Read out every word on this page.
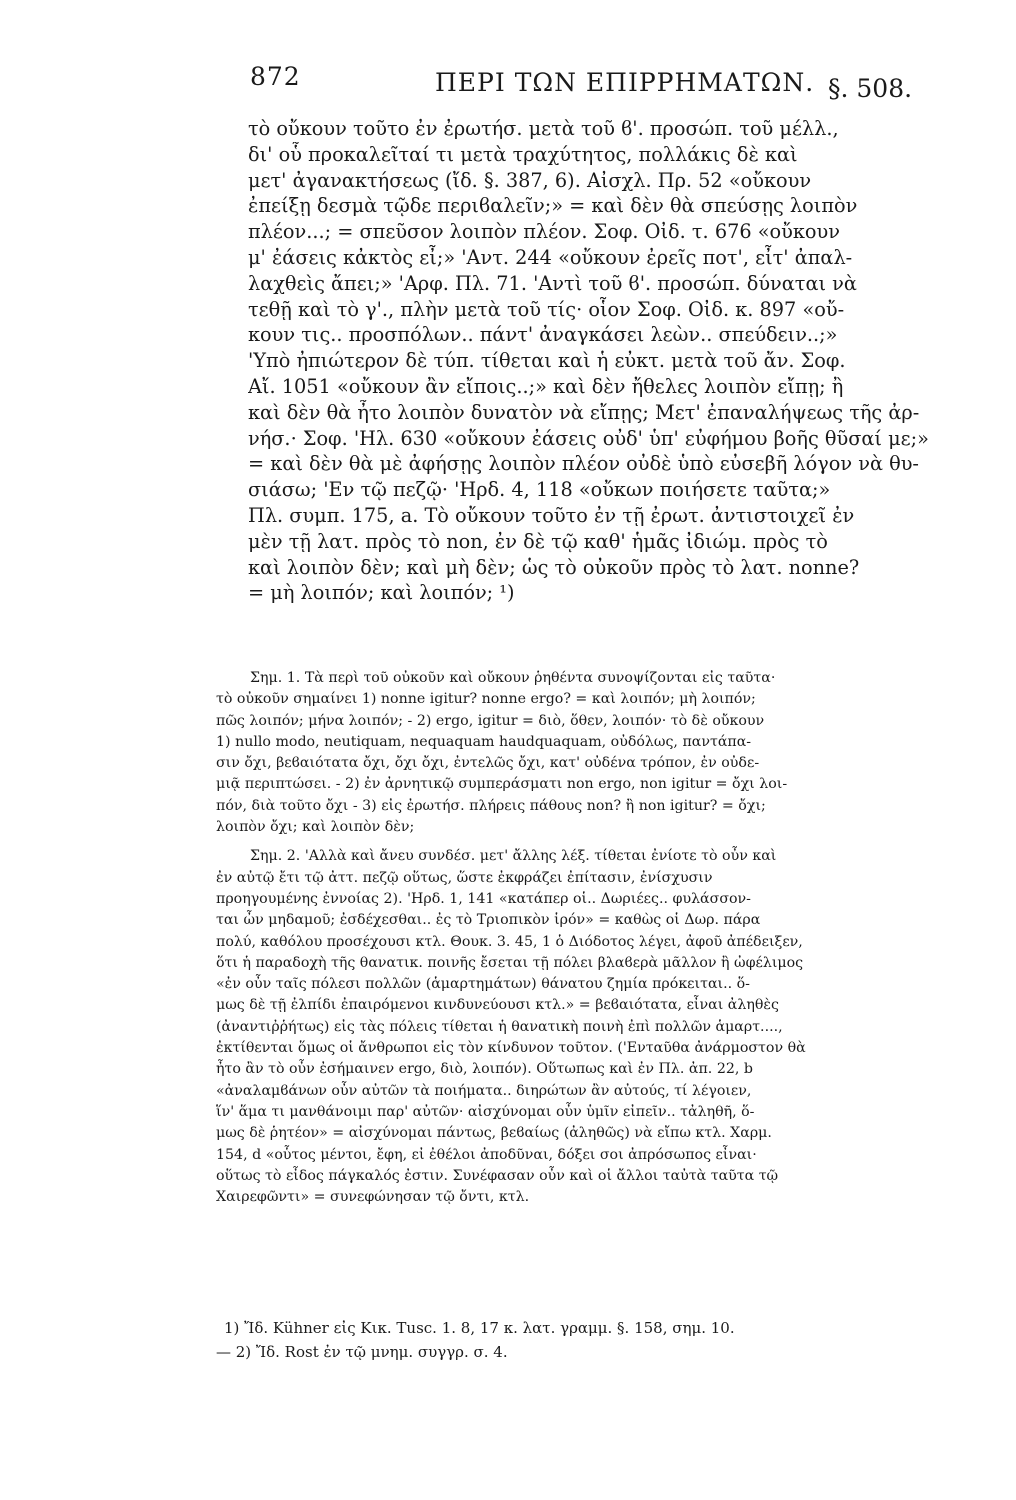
872	ΠΕΡΙ ΤΩΝ ΕΠΙΡΡΗΜΑΤΩΝ. §. 508.
τὸ οὔκουν τοῦτο ἐν ἐρωτήσ. μετὰ τοῦ ϐ'. προσώπ. τοῦ μέλλ.,
δι' οὗ προκαλεῖταί τι μετὰ τραχύτητος, πολλάκις δὲ καὶ
μετ' ἀγανακτήσεως (ἴδ. §. 387, 6). Αἰσχλ. Πρ. 52 «οὔκουν
ἐπείξῃ δεσμὰ τῷδε περιϐαλεῖν;» = καὶ δὲν θὰ σπεύσῃς λοιπὸν
πλέον...; = σπεῦσον λοιπὸν πλέον. Σοφ. Οἰδ. τ. 676 «οὔκουν
μ' ἐάσεις κἀκτὸς εἶ;» 'Αντ. 244 «οὔκουν ἐρεῖς ποτ', εἶτ' ἀπαλ-
λαχθεὶς ἄπει;» 'Αρφ. Πλ. 71. 'Αντὶ τοῦ ϐ'. προσώπ. δύναται νὰ
τεθῇ καὶ τὸ γ'., πλὴν μετὰ τοῦ τίς· οἷον Σοφ. Οἰδ. κ. 897 «οὔ-
κουν τις.. προσπόλων.. πάντ' ἀναγκάσει λεὼν.. σπεύδειν..;»
'Υπὸ ἠπιώτερον δὲ τύπ. τίθεται καὶ ἡ εὐκτ. μετὰ τοῦ ἄν. Σοφ.
Αἴ. 1051 «οὔκουν ἂν εἴποις..;» καὶ δὲν ἤθελες λοιπὸν εἴπῃ; ἢ
καὶ δὲν θὰ ἦτο λοιπὸν δυνατὸν νὰ εἴπῃς; Μετ' ἐπαναλήψεως τῆς ἀρ-
νήσ.· Σοφ. 'Ηλ. 630 «οὔκουν ἐάσεις οὐδ' ὑπ' εὐφήμου βοῆς θῦσαί με;»
= καὶ δὲν θὰ μὲ ἀφήσῃς λοιπὸν πλέον οὐδὲ ὑπὸ εὐσεβῆ λόγον νὰ θυ-
σιάσω; 'Εν τῷ πεζῷ· 'Ηρδ. 4, 118 «οὔκων ποιήσετε ταῦτα;»
Πλ. συμπ. 175, a. Τὸ οὔκουν τοῦτο ἐν τῇ ἐρωτ. ἀντιστοιχεῖ ἐν
μὲν τῇ λατ. πρὸς τὸ non, ἐν δὲ τῷ καθ' ἡμᾶς ἰδιώμ. πρὸς τὸ
καὶ λοιπὸν δὲν; καὶ μὴ δὲν; ὡς τὸ οὐκοῦν πρὸς τὸ λατ. nonne?
= μὴ λοιπόν; καὶ λοιπόν; ¹)
Σημ. 1. Τὰ περὶ τοῦ οὐκοῦν καὶ οὔκουν ῥηθέντα συνοψίζονται εἰς ταῦτα·
τὸ οὐκοῦν σημαίνει 1) nonne igitur? nonne ergo? = καὶ λοιπόν; μὴ λοιπόν;
πῶς λοιπόν; μήνα λοιπόν; - 2) ergo, igitur = διὸ, ὅθεν, λοιπόν· τὸ δὲ οὔκουν
1) nullo modo, neutiquam, nequaquam haudquaquam, οὐδόλως, παντάπα-
σιν ὄχι, βεϐαιότατα ὄχι, ὄχι ὄχι, ἐντελῶς ὄχι, κατ' οὐδένα τρόπον, ἐν οὐδε-
μιᾷ περιπτώσει. - 2) ἐν ἀρνητικῷ συμπεράσματι non ergo, non igitur = ὄχι λοι-
πόν, διὰ τοῦτο ὄχι - 3) εἰς ἐρωτήσ. πλήρεις πάθους non? ἢ non igitur? = ὄχι;
λοιπὸν ὄχι; καὶ λοιπὸν δὲν;
Σημ. 2. 'Αλλὰ καὶ ἄνευ συνδέσ. μετ' ἄλλης λέξ. τίθεται ἐνίοτε τὸ οὖν καὶ
ἐν αὐτῷ ἔτι τῷ ἀττ. πεζῷ οὕτως, ὥστε ἐκφράζει ἐπίτασιν, ἐνίσχυσιν
προηγουμένης ἐννοίας 2). 'Ηρδ. 1, 141 «κατάπερ οἱ.. Δωριέες.. φυλάσσον-
ται ὦν μηδαμοῦ; ἐσδέχεσθαι.. ἐς τὸ Τριοπικὸν ἱρόν» = καθὼς οἱ Δωρ. πάρα
πολύ, καθόλου προσέχουσι κτλ. Θουκ. 3. 45, 1 ὁ Διόδοτος λέγει, ἀφοῦ ἀπέδειξεν,
ὅτι ἡ παραδοχὴ τῆς θανατικ. ποινῆς ἔσεται τῇ πόλει βλαϐερὰ μᾶλλον ἢ ὠφέλιμος
«ἐν οὖν ταῖς πόλεσι πολλῶν (ἁμαρτημάτων) θάνατου ζημία πρόκειται.. ὅ-
μως δὲ τῇ ἐλπίδι ἐπαιρόμενοι κινδυνεύουσι κτλ.» = βεϐαιότατα, εἶναι ἀληθὲς
(ἀναντιῤῥήτως) εἰς τὰς πόλεις τίθεται ἡ θανατικὴ ποινὴ ἐπὶ πολλῶν ἁμαρτ....,
ἐκτίθενται ὅμως οἱ ἄνθρωποι εἰς τὸν κίνδυνον τοῦτον. ('Ενταῦθα ἀνάρμοστον θὰ
ἦτο ἂν τὸ οὖν ἐσήμαινεν ergo, διὸ, λοιπόν). Οὕτωπως καὶ ἐν Πλ. ἀπ. 22, b
«ἀναλαμϐάνων οὖν αὐτῶν τὰ ποιήματα.. διηρώτων ἂν αὐτούς, τί λέγοιεν,
ἵν' ἅμα τι μανθάνοιμι παρ' αὐτῶν· αἰσχύνομαι οὖν ὑμῖν εἰπεῖν.. τἀληθῆ, ὅ-
μως δὲ ῥητέον» = αἰσχύνομαι πάντως, βεϐαίως (ἀληθῶς) νὰ εἴπω κτλ. Χαρμ.
154, d «οὗτος μέντοι, ἔφη, εἰ ἐθέλοι ἀποδῦναι, δόξει σοι ἀπρόσωπος εἶναι·
οὕτως τὸ εἶδος πάγκαλός ἐστιν. Συνέφασαν οὖν καὶ οἱ ἄλλοι ταὐτὰ ταῦτα τῷ
Χαιρεφῶντι» = συνεφώνησαν τῷ ὄντι, κτλ.
1) Ἴδ. Kühner εἰς Κικ. Tusc. 1. 8, 17 κ. λατ. γραμμ. §. 158, σημ. 10.
— 2) Ἴδ. Rost ἐν τῷ μνημ. συγγρ. σ. 4.
